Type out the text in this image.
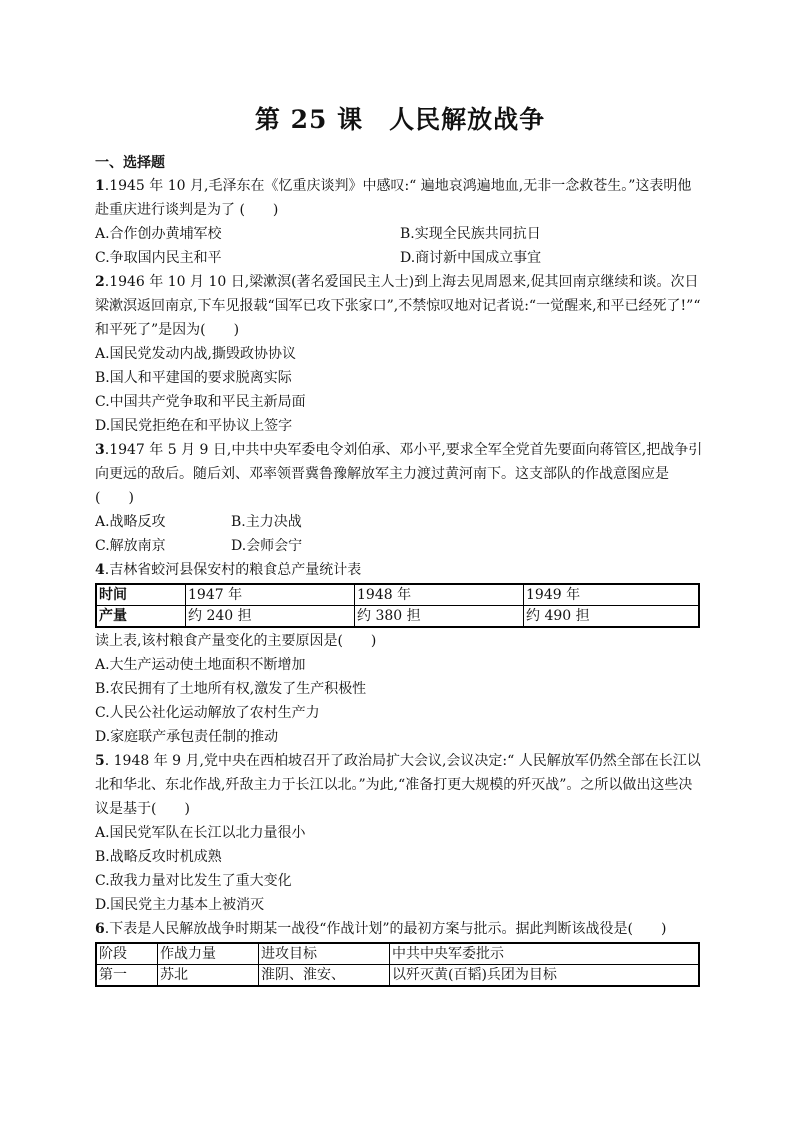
第 25 课　人民解放战争
一、选择题

1.1945 年 10 月,毛泽东在《忆重庆谈判》中感叹:“ 遍地哀鸿遍地血,无非一念救苍生。”这表明他赴重庆进行谈判是为了 (　　)

A.合作创办黄埔军校	B.实现全民族共同抗日
C.争取国内民主和平	D.商讨新中国成立事宜

2.1946 年 10 月 10 日,梁漱溟(著名爱国民主人士)到上海去见周恩来,促其回南京继续和谈。次日梁漱溟返回南京,下车见报载“国军已攻下张家口”,不禁惊叹地对记者说:“一觉醒来,和平已经死了!”“ 和平死了”是因为(　　)

A.国民党发动内战,撕毁政协协议

B.国人和平建国的要求脱离实际

C.中国共产党争取和平民主新局面

D.国民党拒绝在和平协议上签字

3.1947 年 5 月 9 日,中共中央军委电令刘伯承、邓小平,要求全军全党首先要面向蒋管区,把战争引向更远的敌后。随后刘、邓率领晋冀鲁豫解放军主力渡过黄河南下。这支部队的作战意图应是(　　)

A.战略反攻	B.主力决战
C.解放南京	D.会师会宁

4.吉林省蛟河县保安村的粮食总产量统计表

时间	1947 年	1948 年	1949 年
产量	约 240 担	约 380 担	约 490 担

读上表,该村粮食产量变化的主要原因是(　　)

A.大生产运动使土地面积不断增加

B.农民拥有了土地所有权,激发了生产积极性

C.人民公社化运动解放了农村生产力

D.家庭联产承包责任制的推动

5. 1948 年 9 月,党中央在西柏坡召开了政治局扩大会议,会议决定:“ 人民解放军仍然全部在长江以北和华北、东北作战,歼敌主力于长江以北。”为此,“准备打更大规模的歼灭战”。之所以做出这些决议是基于(　　)

A.国民党军队在长江以北力量很小

B.战略反攻时机成熟

C.敌我力量对比发生了重大变化

D.国民党主力基本上被消灭

6.下表是人民解放战争时期某一战役“作战计划”的最初方案与批示。据此判断该战役是(　　)

阶段	作战力量	进攻目标	中共中央军委批示
第一	苏北	淮阴、淮安、	以歼灭黄(百韬)兵团为目标
